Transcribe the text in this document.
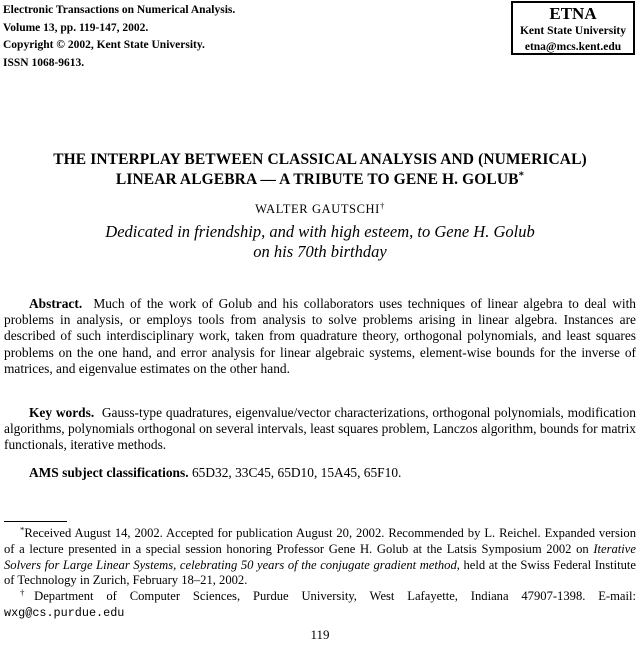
Electronic Transactions on Numerical Analysis.
Volume 13, pp. 119-147, 2002.
Copyright © 2002, Kent State University.
ISSN 1068-9613.
ETNA
Kent State University
etna@mcs.kent.edu
THE INTERPLAY BETWEEN CLASSICAL ANALYSIS AND (NUMERICAL)
LINEAR ALGEBRA — A TRIBUTE TO GENE H. GOLUB*
WALTER GAUTSCHI†
Dedicated in friendship, and with high esteem, to Gene H. Golub
on his 70th birthday

Abstract. Much of the work of Golub and his collaborators uses techniques of linear algebra to deal with problems in analysis, or employs tools from analysis to solve problems arising in linear algebra. Instances are described of such interdisciplinary work, taken from quadrature theory, orthogonal polynomials, and least squares problems on the one hand, and error analysis for linear algebraic systems, element-wise bounds for the inverse of matrices, and eigenvalue estimates on the other hand.

Key words. Gauss-type quadratures, eigenvalue/vector characterizations, orthogonal polynomials, modification algorithms, polynomials orthogonal on several intervals, least squares problem, Lanczos algorithm, bounds for matrix functionals, iterative methods.

AMS subject classifications. 65D32, 33C45, 65D10, 15A45, 65F10.

*Received August 14, 2002. Accepted for publication August 20, 2002. Recommended by L. Reichel. Expanded version of a lecture presented in a special session honoring Professor Gene H. Golub at the Latsis Symposium 2002 on Iterative Solvers for Large Linear Systems, celebrating 50 years of the conjugate gradient method, held at the Swiss Federal Institute of Technology in Zurich, February 18–21, 2002.

†Department of Computer Sciences, Purdue University, West Lafayette, Indiana 47907-1398. E-mail: wxg@cs.purdue.edu

119
